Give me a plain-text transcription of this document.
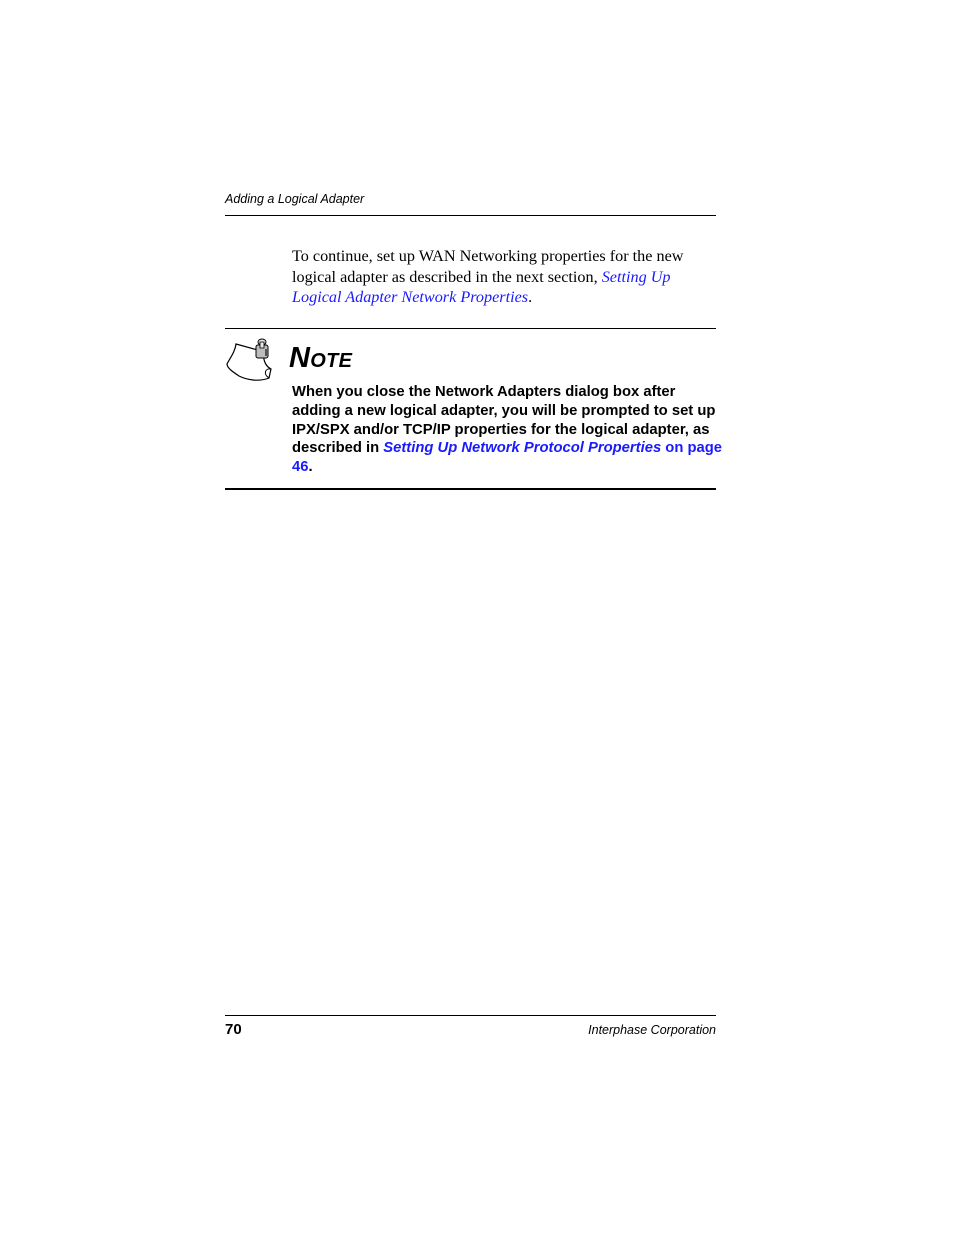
Adding a Logical Adapter

To continue, set up WAN Networking properties for the new logical adapter as described in the next section, Setting Up Logical Adapter Network Properties.

Note

When you close the Network Adapters dialog box after adding a new logical adapter, you will be prompted to set up IPX/SPX and/or TCP/IP properties for the logical adapter, as described in Setting Up Network Protocol Properties on page 46.

70	Interphase Corporation
